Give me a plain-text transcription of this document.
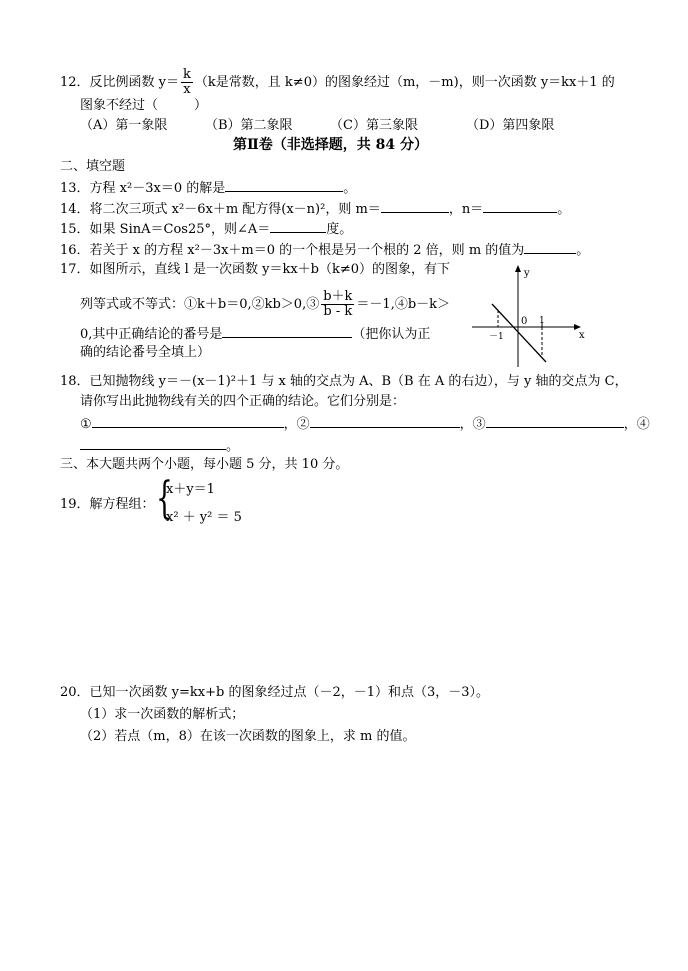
12．反比例函数 $y= \frac{k}{x} (k$是常数，且 k≠0）的图象经过（m，－m)，则一次函数 y＝kx＋1 的
图象不经过（	）
（A）第一象限	（B）第二象限	（C）第三象限	（D）第四象限
第Ⅱ卷（非选择题，共 84 分）
二、填空题
13．方程 x²－3x＝0 的解是	。
14．将二次三项式 x²－6x＋m 配方得(x－n)²，则 m＝	，n＝	。
15．如果 SinA＝Cos25°，则∠A＝	度。
16．若关于 x 的方程 x²－3x＋m＝0 的一个根是另一个根的 2 倍，则 m 的值为	。
17．如图所示，直线 l 是一次函数 y＝kx＋b（k≠0）的图象，有下
列等式或不等式：①k＋b＝0,②kb＞0,③ $\frac{b+k}{b - k}$ ＝－1,④b－k＞
0,其中正确结论的番号是	（把你认为正
确的结论番号全填上）
y
x
0
－1
1
18．已知抛物线 y＝－(x－1)²＋1 与 x 轴的交点为 A、B（B 在 A 的右边），与 y 轴的交点为 C，
请你写出此抛物线有关的四个正确的结论。它们分别是：
①	，②	，③	，④
。
三、本大题共两个小题，每小题 5 分，共 10 分。
19．解方程组： {
x＋y＝1
x² ＋ y² ＝ 5
20．已知一次函数 y=kx+b 的图象经过点（－2，－1）和点（3，－3）。
（1）求一次函数的解析式；
（2）若点（m，8）在该一次函数的图象上，求 m 的值。
